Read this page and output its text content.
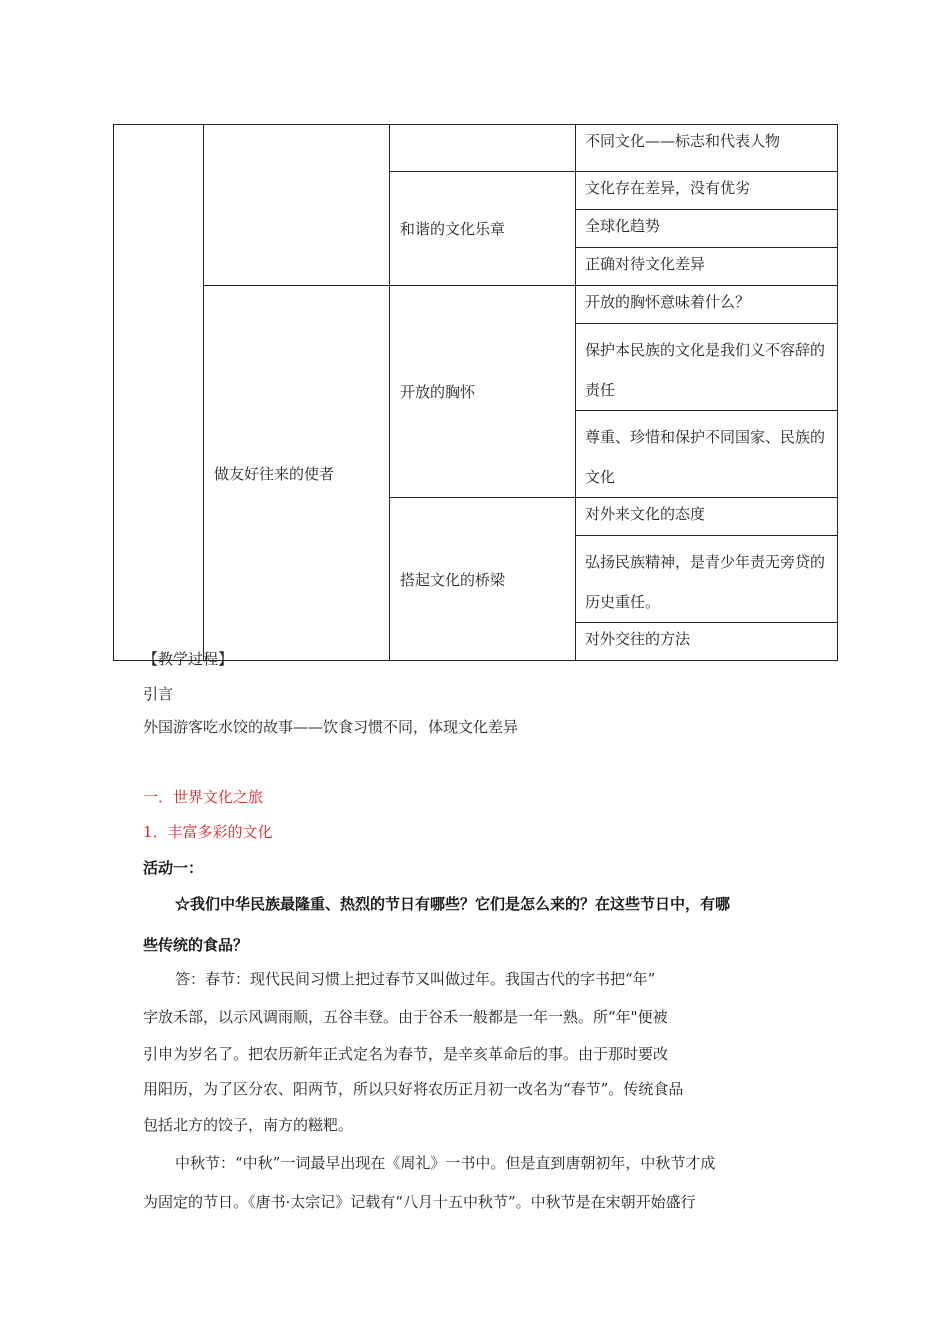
			不同文化——标志和代表人物
		和谐的文化乐章	文化存在差异，没有优劣
			全球化趋势
			正确对待文化差异
	做友好往来的使者	开放的胸怀	开放的胸怀意味着什么？
			保护本民族的文化是我们义不容辞的责任
			尊重、珍惜和保护不同国家、民族的文化
		搭起文化的桥梁	对外来文化的态度
			弘扬民族精神，是青少年责无旁贷的历史重任。
			对外交往的方法
【教学过程】
引言
外国游客吃水饺的故事——饮食习惯不同，体现文化差异
一．世界文化之旅
1．丰富多彩的文化
活动一：
☆我们中华民族最隆重、热烈的节日有哪些？它们是怎么来的？在这些节日中，有哪
些传统的食品？
答：春节：现代民间习惯上把过春节又叫做过年。我国古代的字书把“年”
字放禾部，以示风调雨顺，五谷丰登。由于谷禾一般都是一年一熟。所“年"便被
引申为岁名了。把农历新年正式定名为春节，是辛亥革命后的事。由于那时要改
用阳历，为了区分农、阳两节，所以只好将农历正月初一改名为“春节”。传统食品
包括北方的饺子，南方的糍粑。
中秋节：“中秋”一词最早出现在《周礼》一书中。但是直到唐朝初年，中秋节才成
为固定的节日。《唐书·太宗记》记载有“八月十五中秋节”。中秋节是在宋朝开始盛行
